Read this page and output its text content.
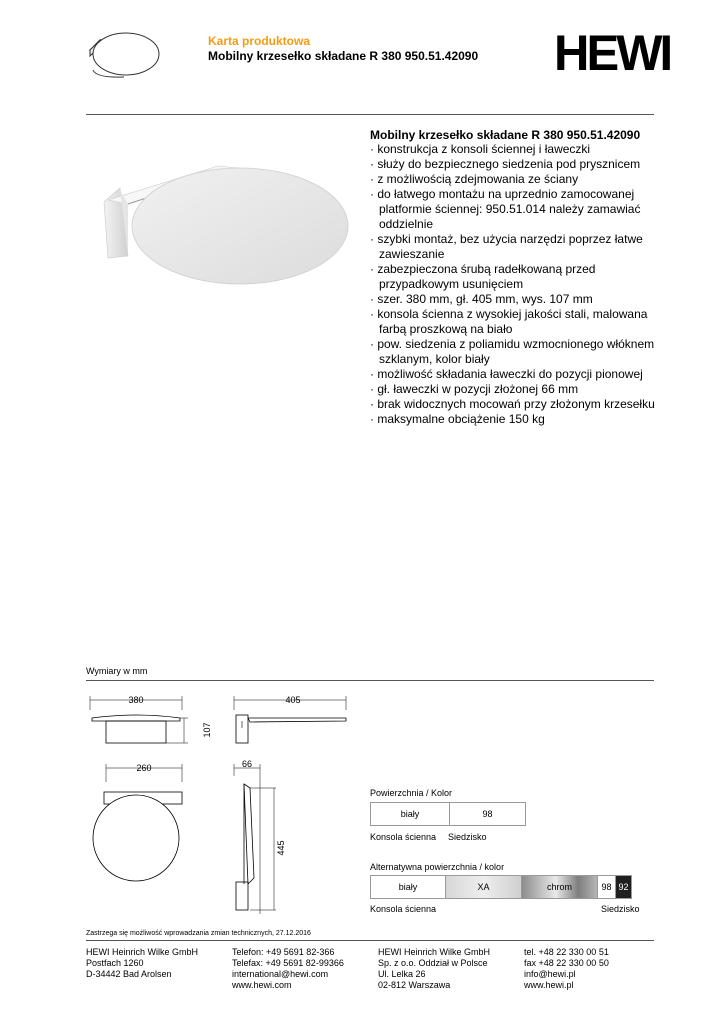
Karta produktowa
Mobilny krzesełko składane R 380 950.51.42090 HEWI
Mobilny krzesełko składane R 380 950.51.42090
· konstrukcja z konsoli ściennej i ławeczki
· służy do bezpiecznego siedzenia pod prysznicem
· z możliwością zdejmowania ze ściany
· do łatwego montażu na uprzednio zamocowanej platformie ściennej: 950.51.014 należy zamawiać oddzielnie
· szybki montaż, bez użycia narzędzi poprzez łatwe zawieszanie
· zabezpieczona śrubą radełkowaną przed przypadkowym usunięciem
· szer. 380 mm, gł. 405 mm, wys. 107 mm
· konsola ścienna z wysokiej jakości stali, malowana farbą proszkową na biało
· pow. siedzenia z poliamidu wzmocnionego włóknem szklanym, kolor biały
· możliwość składania ławeczki do pozycji pionowej
· gł. ławeczki w pozycji złożonej 66 mm
· brak widocznych mocowań przy złożonym krzesełku
· maksymalne obciążenie 150 kg
Wymiary w mm
380
107
405
260	66
445
Powierzchnia / Kolor
biały	98
Konsola ścienna Siedzisko
Alternatywna powierzchnia / kolor
biały	XA	chrom	98 92
Konsola ścienna	Siedzisko
Zastrzega się możliwość wprowadzania zmian technicznych, 27.12.2016
HEWI Heinrich Wilke GmbH
Postfach 1260
D-34442 Bad Arolsen
Telefon: +49 5691 82-366
Telefax: +49 5691 82-99366
international@hewi.com
www.hewi.com
HEWI Heinrich Wilke GmbH
Sp. z o.o. Oddział w Polsce
Ul. Lelka 26
02-812 Warszawa
tel. +48 22 330 00 51
fax +48 22 330 00 50
info@hewi.pl
www.hewi.pl
